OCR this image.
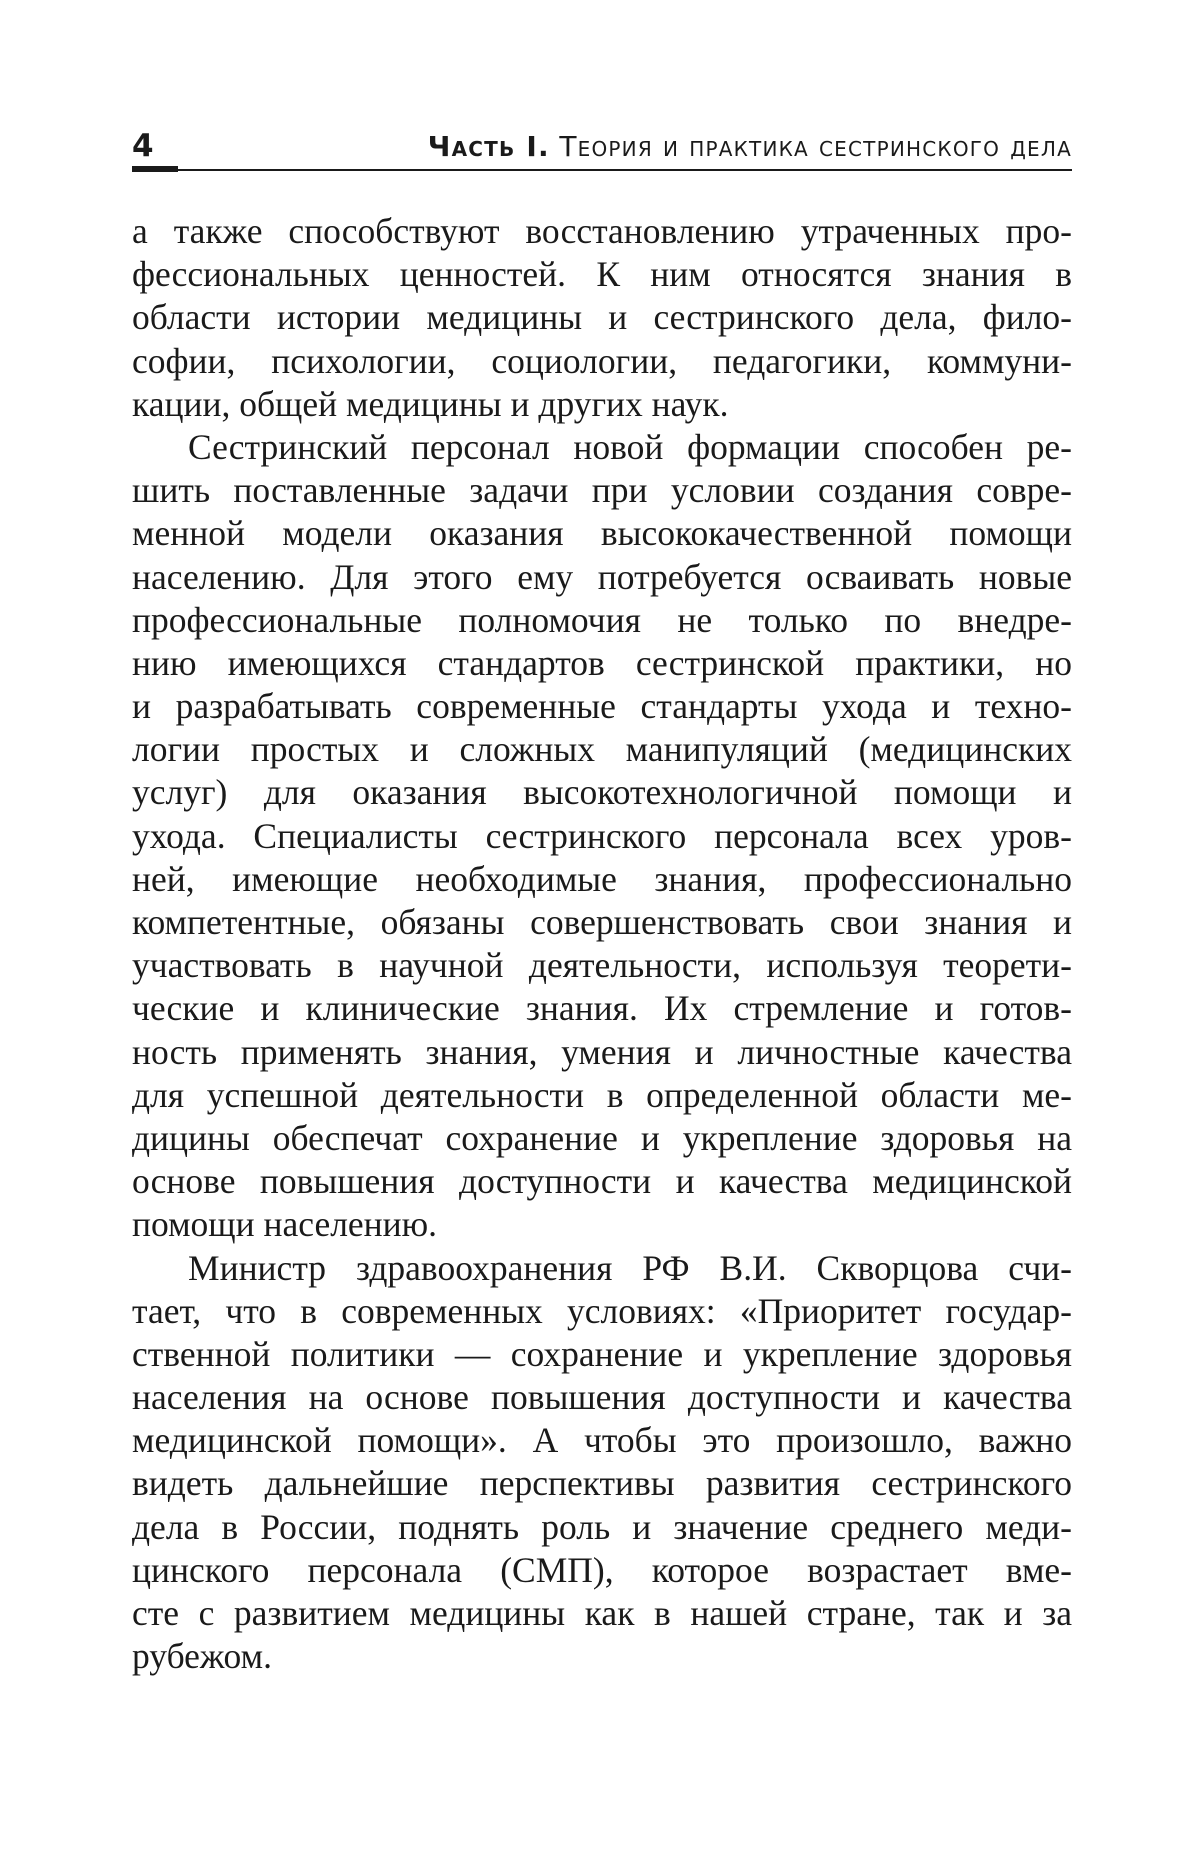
4	Часть I. Теория и практика сестринского дела
а также способствуют восстановлению утраченных про-
фессиональных ценностей. К ним относятся знания в
области истории медицины и сестринского дела, фило-
софии, психологии, социологии, педагогики, коммуни-
кации, общей медицины и других наук.
Сестринский персонал новой формации способен ре-
шить поставленные задачи при условии создания совре-
менной модели оказания высококачественной помощи
населению. Для этого ему потребуется осваивать новые
профессиональные полномочия не только по внедре-
нию имеющихся стандартов сестринской практики, но
и разрабатывать современные стандарты ухода и техно-
логии простых и сложных манипуляций (медицинских
услуг) для оказания высокотехнологичной помощи и
ухода. Специалисты сестринского персонала всех уров-
ней, имеющие необходимые знания, профессионально
компетентные, обязаны совершенствовать свои знания и
участвовать в научной деятельности, используя теорети-
ческие и клинические знания. Их стремление и готов-
ность применять знания, умения и личностные качества
для успешной деятельности в определенной области ме-
дицины обеспечат сохранение и укрепление здоровья на
основе повышения доступности и качества медицинской
помощи населению.
Министр здравоохранения РФ В.И. Скворцова счи-
тает, что в современных условиях: «Приоритет государ-
ственной политики — сохранение и укрепление здоровья
населения на основе повышения доступности и качества
медицинской помощи». А чтобы это произошло, важно
видеть дальнейшие перспективы развития сестринского
дела в России, поднять роль и значение среднего меди-
цинского персонала (СМП), которое возрастает вме-
сте с развитием медицины как в нашей стране, так и за
рубежом.
